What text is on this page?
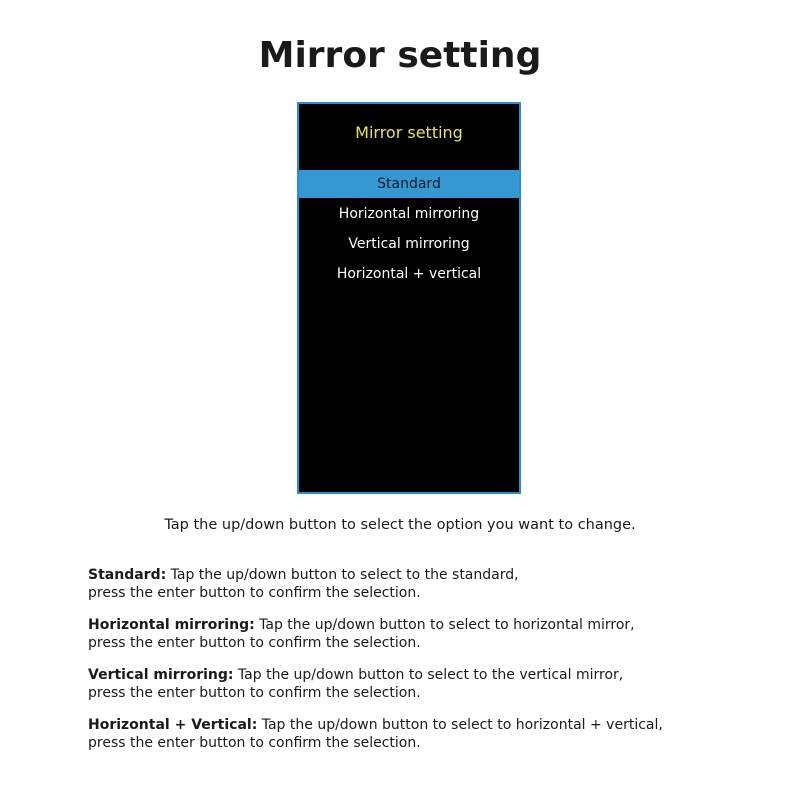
Mirror setting
Mirror setting
Standard
Horizontal mirroring
Vertical mirroring
Horizontal + vertical
Tap the up/down button to select the option you want to change.
Standard: Tap the up/down button to select to the standard,
press the enter button to confirm the selection.
Horizontal mirroring: Tap the up/down button to select to horizontal mirror,
press the enter button to confirm the selection.
Vertical mirroring: Tap the up/down button to select to the vertical mirror,
press the enter button to confirm the selection.
Horizontal + Vertical: Tap the up/down button to select to horizontal + vertical,
press the enter button to confirm the selection.
